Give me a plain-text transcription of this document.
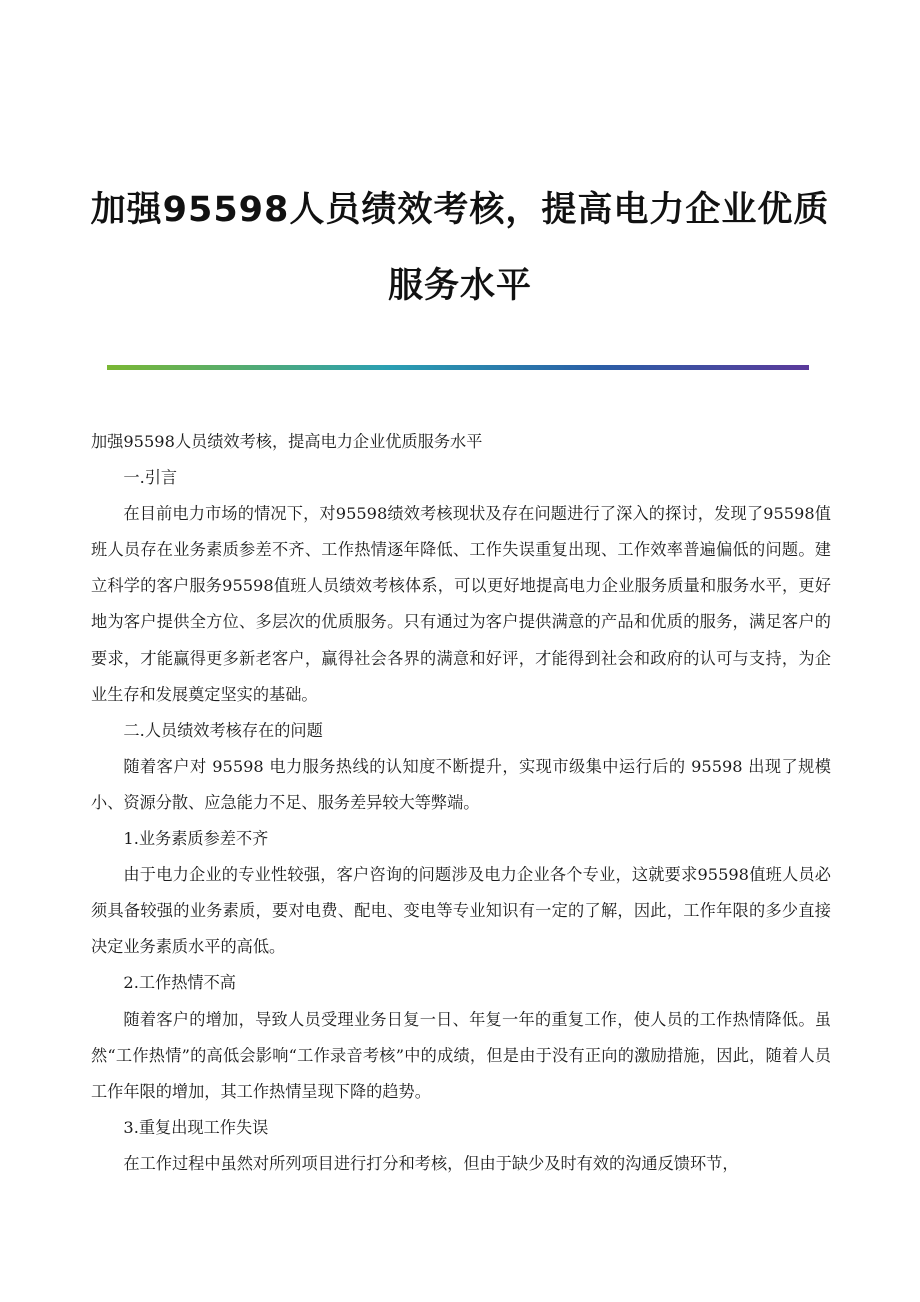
加强95598人员绩效考核，提高电力企业优质
服务水平

加强95598人员绩效考核，提高电力企业优质服务水平

一.引言

在目前电力市场的情况下，对95598绩效考核现状及存在问题进行了深入的探讨，发现了95598值班人员存在业务素质参差不齐、工作热情逐年降低、工作失误重复出现、工作效率普遍偏低的问题。建立科学的客户服务95598值班人员绩效考核体系，可以更好地提高电力企业服务质量和服务水平，更好地为客户提供全方位、多层次的优质服务。只有通过为客户提供满意的产品和优质的服务，满足客户的要求，才能赢得更多新老客户，赢得社会各界的满意和好评，才能得到社会和政府的认可与支持，为企业生存和发展奠定坚实的基础。

二.人员绩效考核存在的问题

随着客户对 95598 电力服务热线的认知度不断提升，实现市级集中运行后的 95598 出现了规模小、资源分散、应急能力不足、服务差异较大等弊端。

1.业务素质参差不齐

由于电力企业的专业性较强，客户咨询的问题涉及电力企业各个专业，这就要求95598值班人员必须具备较强的业务素质，要对电费、配电、变电等专业知识有一定的了解，因此，工作年限的多少直接决定业务素质水平的高低。

2.工作热情不高

随着客户的增加，导致人员受理业务日复一日、年复一年的重复工作，使人员的工作热情降低。虽然“工作热情”的高低会影响“工作录音考核”中的成绩，但是由于没有正向的激励措施，因此，随着人员工作年限的增加，其工作热情呈现下降的趋势。

3.重复出现工作失误

在工作过程中虽然对所列项目进行打分和考核，但由于缺少及时有效的沟通反馈环节，
